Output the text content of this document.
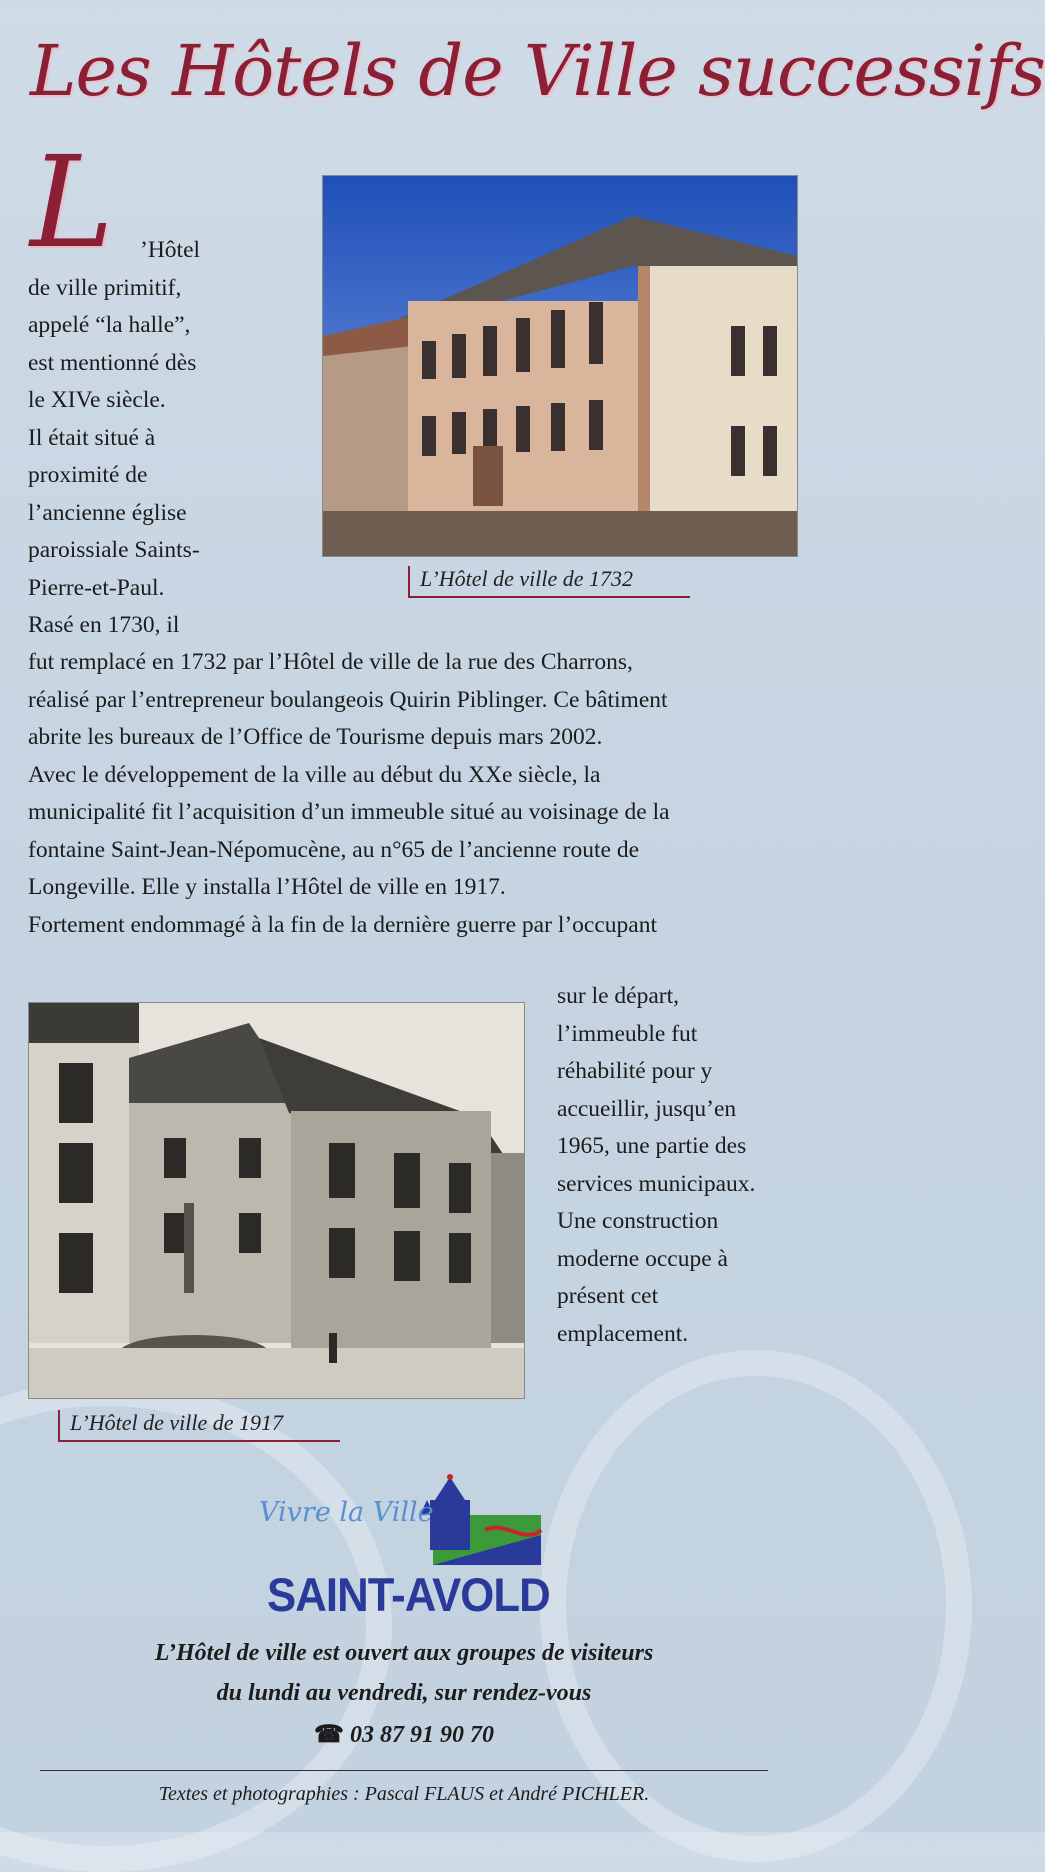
Les Hôtels de Ville successifs
L	’Hôtel
de ville primitif,
appelé “la halle”,
est mentionné dès
le XIVe siècle.
Il était situé à
proximité de
l’ancienne église
paroissiale Saints-
Pierre-et-Paul.
Rasé en 1730, il
L’Hôtel de ville de 1732
fut remplacé en 1732 par l’Hôtel de ville de la rue des Charrons,
réalisé par l’entrepreneur boulangeois Quirin Piblinger. Ce bâtiment
abrite les bureaux de l’Office de Tourisme depuis mars 2002.
Avec le développement de la ville au début du XXe siècle, la
municipalité fit l’acquisition d’un immeuble situé au voisinage de la
fontaine Saint-Jean-Népomucène, au n°65 de l’ancienne route de
Longeville. Elle y installa l’Hôtel de ville en 1917.
Fortement endommagé à la fin de la dernière guerre par l’occupant
L’Hôtel de ville de 1917
sur le départ,
l’immeuble fut
réhabilité pour y
accueillir, jusqu’en
1965, une partie des
services municipaux.
Une construction
moderne occupe à
présent cet
emplacement.
Vivre la Ville
SAINT-AVOLD
L’Hôtel de ville est ouvert aux groupes de visiteurs
du lundi au vendredi, sur rendez-vous
☎ 03 87 91 90 70
Textes et photographies : Pascal FLAUS et André PICHLER.
